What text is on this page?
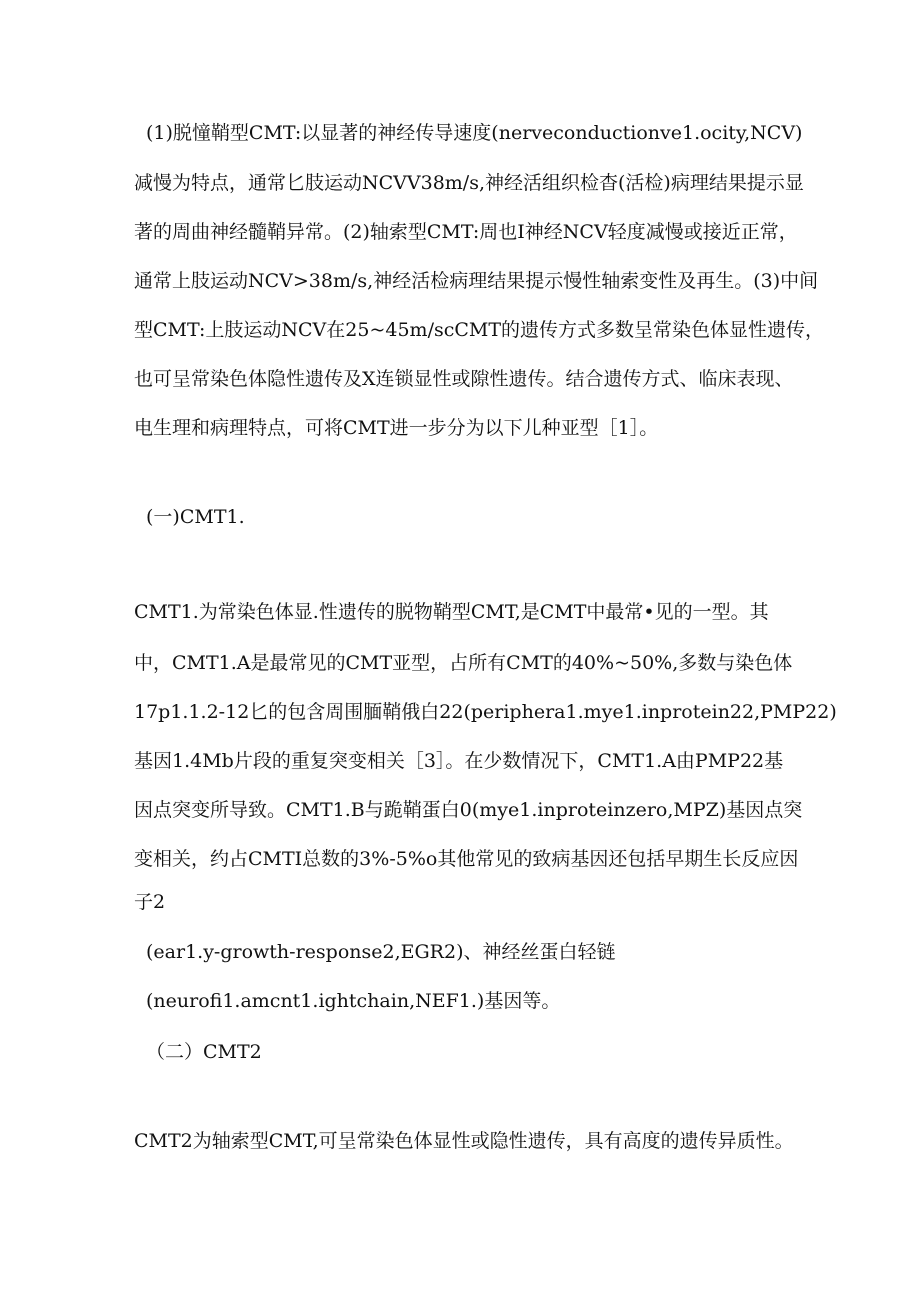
(1)脱憧鞘型CMT:以显著的神经传导速度(nerveconductionve1.ocity,NCV)
减慢为特点，通常匕肢运动NCVV38m∕s,神经活组织检杳(活检)病理结果提示显
著的周曲神经髓鞘异常。(2)轴索型CMT:周也I神经NCV轻度减慢或接近正常，
通常上肢运动NCV>38m∕s,神经活检病理结果提示慢性轴索变性及再生。(3)中间
型CMT:上肢运动NCV在25~45m/scCMT的遗传方式多数呈常染色体显性遗传，
也可呈常染色体隐性遗传及X连锁显性或隙性遗传。结合遗传方式、临床表现、
电生理和病理特点，可将CMT进一步分为以下儿种亚型［1］。
(一)CMT1.
CMT1.为常染色体显.性遗传的脱物鞘型CMT,是CMT中最常•见的一型。其
中，CMT1.A是最常见的CMT亚型，占所有CMT的40%~50%,多数与染色体
17p1.1.2-12匕的包含周围腼鞘俄白22(periphera1.mye1.inprotein22,PMP22)
基因1.4Mb片段的重复突变相关［3］。在少数情况下，CMT1.A由PMP22基
因点突变所导致。CMT1.B与跪鞘蛋白0(mye1.inproteinzero,MPZ)基因点突
变相关，约占CMTI总数的3%-5%o其他常见的致病基因还包括早期生长反应因
子2
(ear1.y-growth-response2,EGR2)、神经丝蛋白轻链
(neurofi1.amcnt1.ightchain,NEF1.)基因等。
（二）CMT2
CMT2为轴索型CMT,可呈常染色体显性或隐性遗传，具有高度的遗传异质性。
